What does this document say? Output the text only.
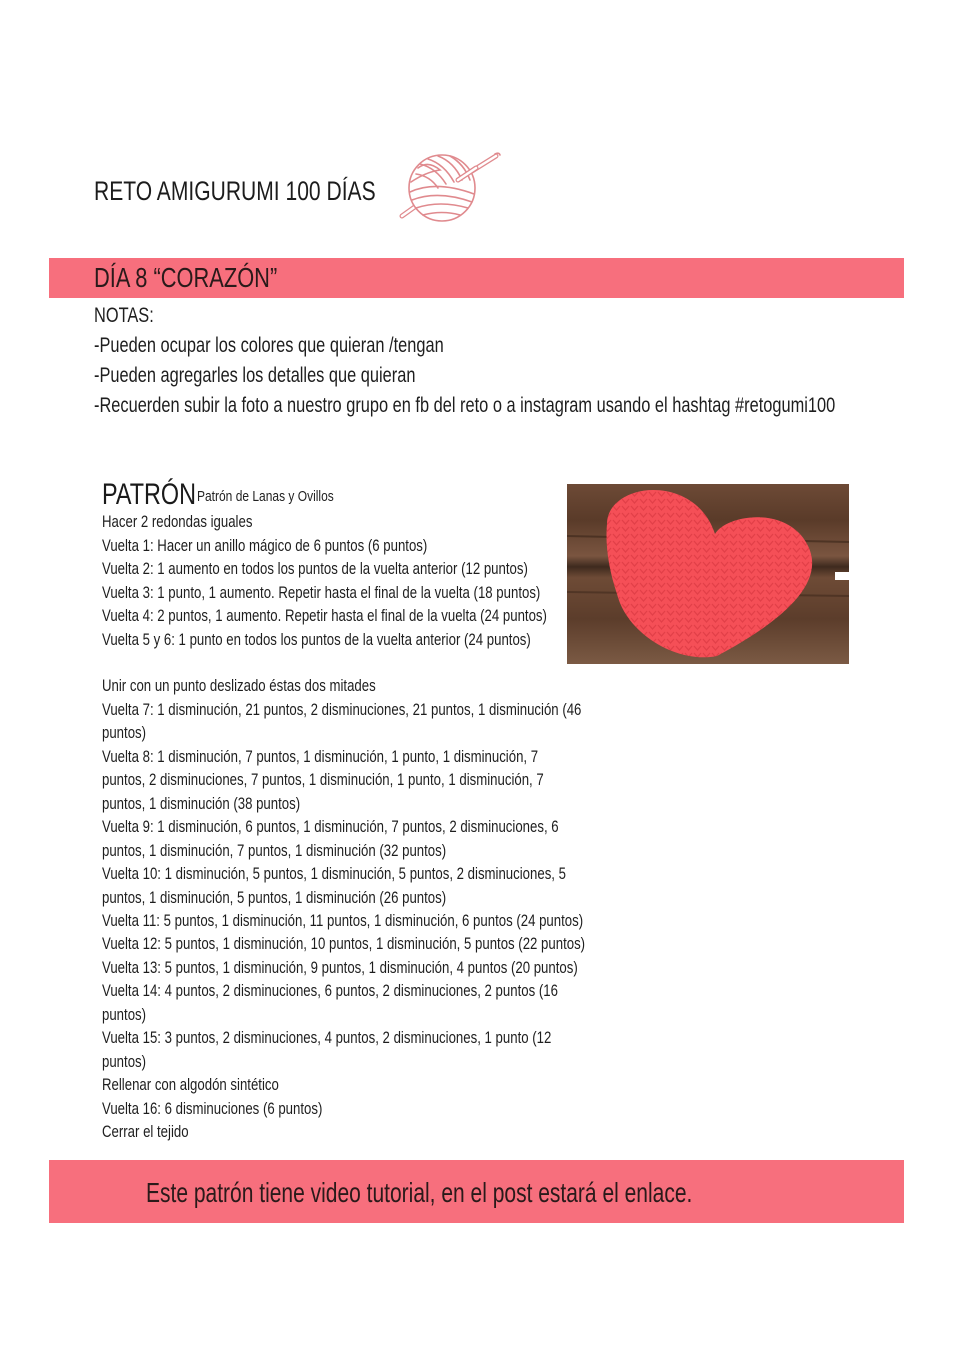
RETO AMIGURUMI 100 DÍAS
DÍA 8 “CORAZÓN”
NOTAS:
-Pueden ocupar los colores que quieran /tengan
-Pueden agregarles los detalles que quieran
-Recuerden subir la foto a nuestro grupo en fb del reto o a instagram usando el hashtag #retogumi100
PATRÓN Patrón de Lanas y Ovillos
Hacer 2 redondas iguales
Vuelta 1: Hacer un anillo mágico de 6 puntos (6 puntos)
Vuelta 2: 1 aumento en todos los puntos de la vuelta anterior (12 puntos)
Vuelta 3: 1 punto, 1 aumento. Repetir hasta el final de la vuelta (18 puntos)
Vuelta 4: 2 puntos, 1 aumento. Repetir hasta el final de la vuelta (24 puntos)
Vuelta 5 y 6: 1 punto en todos los puntos de la vuelta anterior (24 puntos)
Unir con un punto deslizado éstas dos mitades
Vuelta 7: 1 disminución, 21 puntos, 2 disminuciones, 21 puntos, 1 disminución (46
puntos)
Vuelta 8: 1 disminución, 7 puntos, 1 disminución, 1 punto, 1 disminución, 7
puntos, 2 disminuciones, 7 puntos, 1 disminución, 1 punto, 1 disminución, 7
puntos, 1 disminución (38 puntos)
Vuelta 9: 1 disminución, 6 puntos, 1 disminución, 7 puntos, 2 disminuciones, 6
puntos, 1 disminución, 7 puntos, 1 disminución (32 puntos)
Vuelta 10: 1 disminución, 5 puntos, 1 disminución, 5 puntos, 2 disminuciones, 5
puntos, 1 disminución, 5 puntos, 1 disminución (26 puntos)
Vuelta 11: 5 puntos, 1 disminución, 11 puntos, 1 disminución, 6 puntos (24 puntos)
Vuelta 12: 5 puntos, 1 disminución, 10 puntos, 1 disminución, 5 puntos (22 puntos)
Vuelta 13: 5 puntos, 1 disminución, 9 puntos, 1 disminución, 4 puntos (20 puntos)
Vuelta 14: 4 puntos, 2 disminuciones, 6 puntos, 2 disminuciones, 2 puntos (16
puntos)
Vuelta 15: 3 puntos, 2 disminuciones, 4 puntos, 2 disminuciones, 1 punto (12
puntos)
Rellenar con algodón sintético
Vuelta 16: 6 disminuciones (6 puntos)
Cerrar el tejido
Este patrón tiene video tutorial, en el post estará el enlace.
